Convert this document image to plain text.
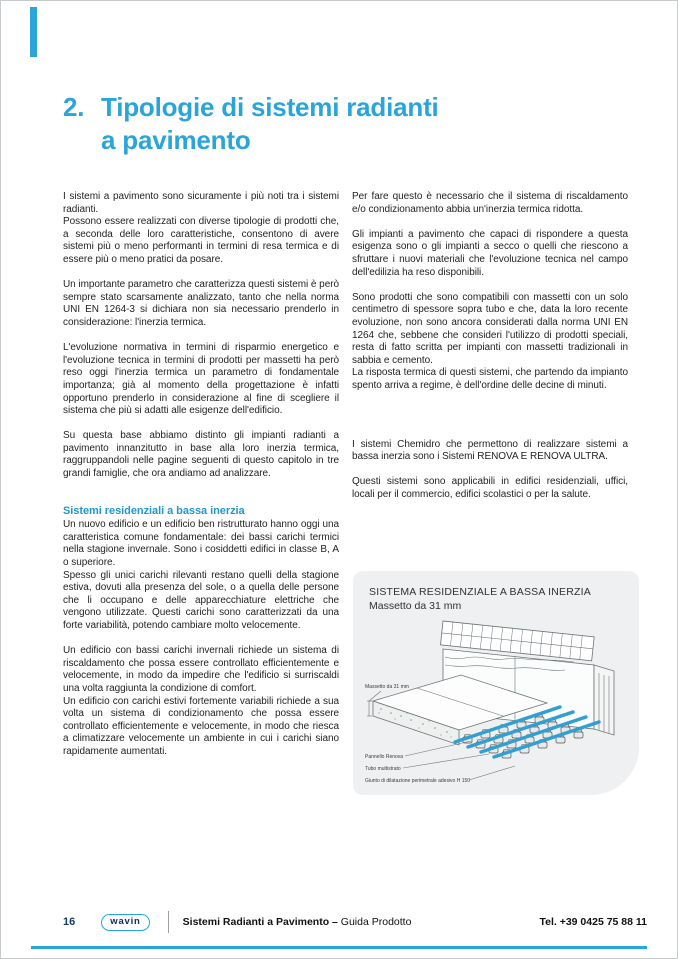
2. Tipologie di sistemi radianti
a pavimento

I sistemi a pavimento sono sicuramente i più noti tra i sistemi radianti.

Possono essere realizzati con diverse tipologie di prodotti che, a seconda delle loro caratteristiche, consentono di avere sistemi più o meno performanti in termini di resa termica e di essere più o meno pratici da posare.

Un importante parametro che caratterizza questi sistemi è però sempre stato scarsamente analizzato, tanto che nella norma UNI EN 1264-3 si dichiara non sia necessario prenderlo in considerazione: l'inerzia termica.

L'evoluzione normativa in termini di risparmio energetico e l'evoluzione tecnica in termini di prodotti per massetti ha però reso oggi l'inerzia termica un parametro di fondamentale importanza; già al momento della progettazione è infatti opportuno prenderlo in considerazione al fine di scegliere il sistema che più si adatti alle esigenze dell'edificio.

Su questa base abbiamo distinto gli impianti radianti a pavimento innanzitutto in base alla loro inerzia termica, raggruppandoli nelle pagine seguenti di questo capitolo in tre grandi famiglie, che ora andiamo ad analizzare.

Sistemi residenziali a bassa inerzia

Un nuovo edificio e un edificio ben ristrutturato hanno oggi una caratteristica comune fondamentale: dei bassi carichi termici nella stagione invernale. Sono i cosiddetti edifici in classe B, A o superiore.

Spesso gli unici carichi rilevanti restano quelli della stagione estiva, dovuti alla presenza del sole, o a quella delle persone che li occupano e delle apparecchiature elettriche che vengono utilizzate. Questi carichi sono caratterizzati da una forte variabilità, potendo cambiare molto velocemente.

Un edificio con bassi carichi invernali richiede un sistema di riscaldamento che possa essere controllato efficientemente e velocemente, in modo da impedire che l'edificio si surriscaldi una volta raggiunta la condizione di comfort.

Un edificio con carichi estivi fortemente variabili richiede a sua volta un sistema di condizionamento che possa essere controllato efficientemente e velocemente, in modo che riesca a climatizzare velocemente un ambiente in cui i carichi siano rapidamente aumentati.

Per fare questo è necessario che il sistema di riscaldamento e/o condizionamento abbia un'inerzia termica ridotta.

Gli impianti a pavimento che capaci di rispondere a questa esigenza sono o gli impianti a secco o quelli che riescono a sfruttare i nuovi materiali che l'evoluzione tecnica nel campo dell'edilizia ha reso disponibili.

Sono prodotti che sono compatibili con massetti con un solo centimetro di spessore sopra tubo e che, data la loro recente evoluzione, non sono ancora considerati dalla norma UNI EN 1264 che, sebbene che consideri l'utilizzo di prodotti speciali, resta di fatto scritta per impianti con massetti tradizionali in sabbia e cemento.

La risposta termica di questi sistemi, che partendo da impianto spento arriva a regime, è dell'ordine delle decine di minuti.

I sistemi Chemidro che permettono di realizzare sistemi a bassa inerzia sono i Sistemi RENOVA E RENOVA ULTRA.

Questi sistemi sono applicabili in edifici residenziali, uffici, locali per il commercio, edifici scolastici o per la salute.

SISTEMA RESIDENZIALE A BASSA INERZIA

Massetto da 31 mm

Massetto da 31 mm
Pannello Renova
Tubo multistrato
Giunto di dilatazione perimetrale adesivo H 150
16	wavin	Sistemi Radianti a Pavimento – Guida Prodotto	Tel. +39 0425 75 88 11
